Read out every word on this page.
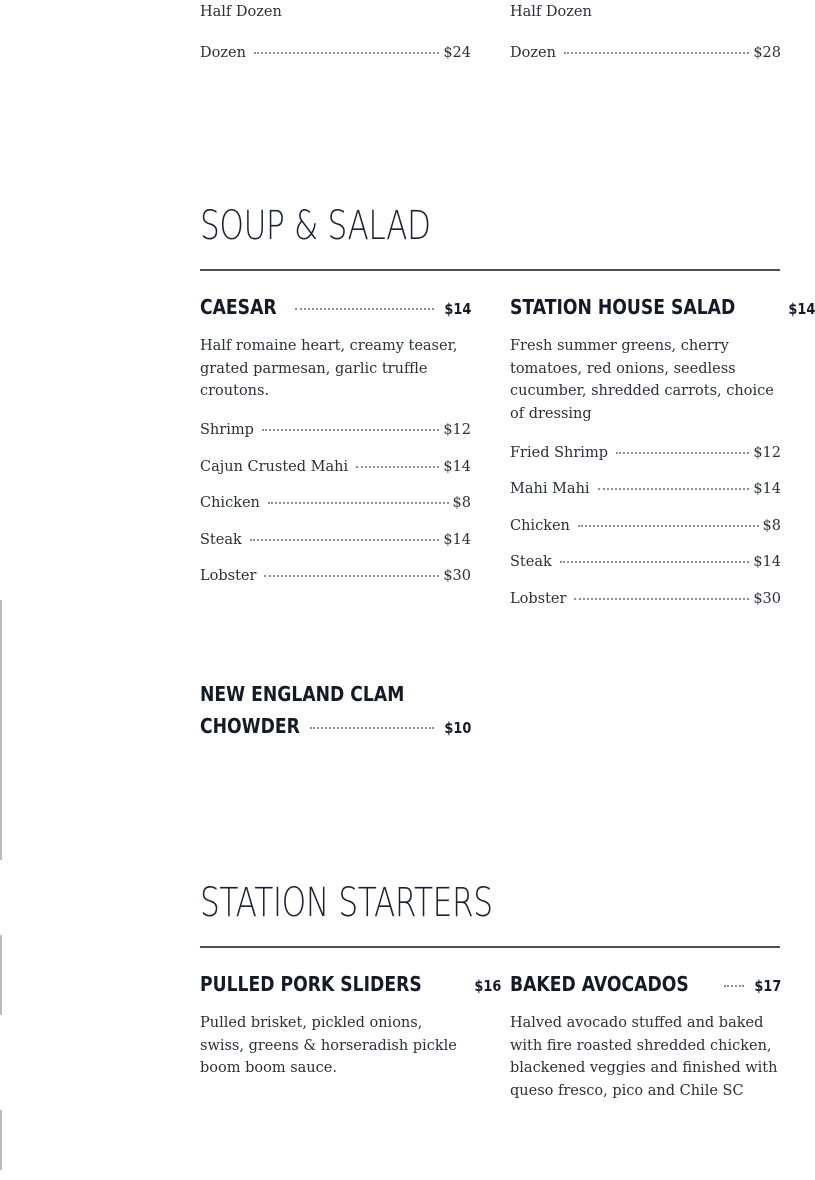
Half Dozen
Dozen	$24
Half Dozen
Dozen	$28
SOUP & SALAD
CAESAR	$14
Half romaine heart, creamy teaser, grated parmesan, garlic truffle croutons.
Shrimp	$12
Cajun Crusted Mahi	$14
Chicken	$8
Steak	$14
Lobster	$30
STATION HOUSE SALAD	$14
Fresh summer greens, cherry tomatoes, red onions, seedless cucumber, shredded carrots, choice of dressing
Fried Shrimp	$12
Mahi Mahi	$14
Chicken	$8
Steak	$14
Lobster	$30
NEW ENGLAND CLAM
CHOWDER	$10
STATION STARTERS
PULLED PORK SLIDERS	$16
Pulled brisket, pickled onions, swiss, greens & horseradish pickle boom boom sauce.
BAKED AVOCADOS	$17
Halved avocado stuffed and baked with fire roasted shredded chicken, blackened veggies and finished with queso fresco, pico and Chile SC
